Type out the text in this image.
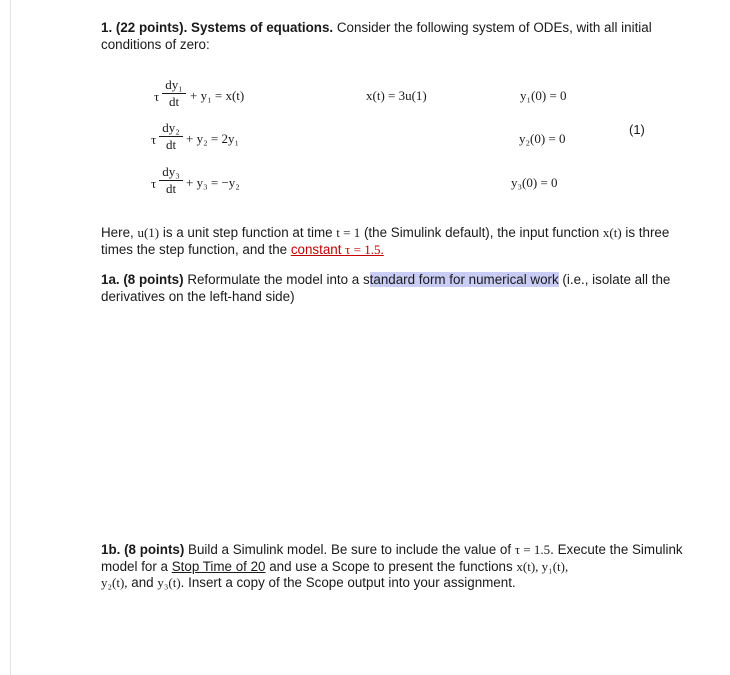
1. (22 points). Systems of equations. Consider the following system of ODEs, with all initial conditions of zero:
τ
dy₁
dt + y₁ = x(t)	x(t) = 3u(1)	y₁(0) = 0
τ
dy₂
dt + y₂ = 2y₁	y₂(0) = 0
(1)
τ
dy₃
dt + y₃ = −y₂	y₃(0) = 0
Here, u(1) is a unit step function at time t = 1 (the Simulink default), the input function x(t) is three times the step function, and the constant τ = 1.5.
1a. (8 points) Reformulate the model into a standard form for numerical work (i.e., isolate all the derivatives on the left-hand side)
1b. (8 points) Build a Simulink model. Be sure to include the value of τ = 1.5. Execute the Simulink model for a Stop Time of 20 and use a Scope to present the functions x(t), y₁(t),
y₂(t), and y₃(t). Insert a copy of the Scope output into your assignment.
